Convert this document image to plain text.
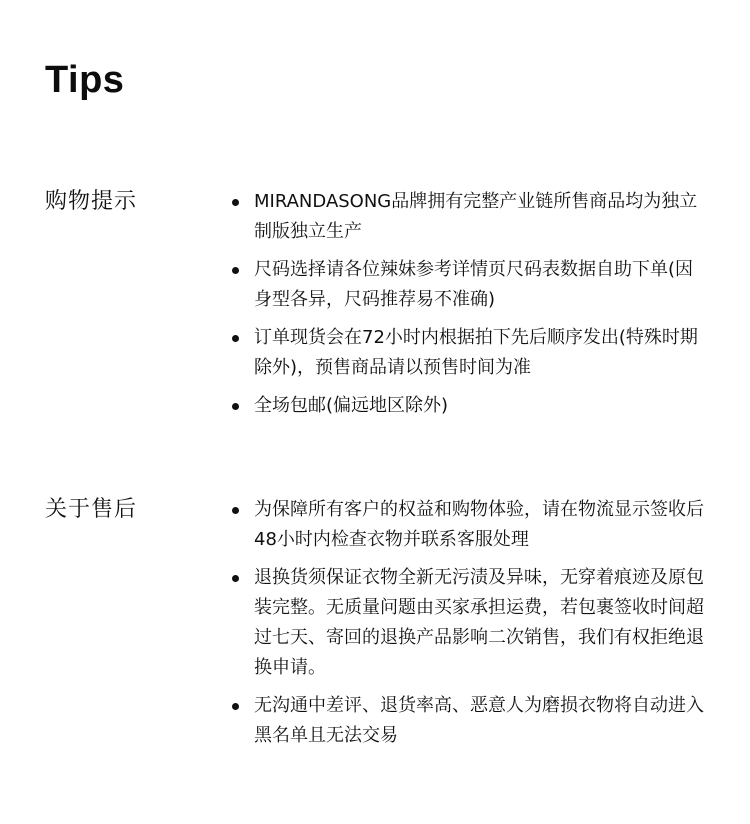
Tips
购物提示	MIRANDASONG品牌拥有完整产业链所售商品均为独立制版独立生产
尺码选择请各位辣妹参考详情页尺码表数据自助下单(因身型各异，尺码推荐易不准确)
订单现货会在72小时内根据拍下先后顺序发出(特殊时期除外)，预售商品请以预售时间为准
全场包邮(偏远地区除外)
关于售后	为保障所有客户的权益和购物体验，请在物流显示签收后48小时内检查衣物并联系客服处理
退换货须保证衣物全新无污渍及异味，无穿着痕迹及原包装完整。无质量问题由买家承担运费，若包裹签收时间超过七天、寄回的退换产品影响二次销售，我们有权拒绝退换申请。
无沟通中差评、退货率高、恶意人为磨损衣物将自动进入黑名单且无法交易
